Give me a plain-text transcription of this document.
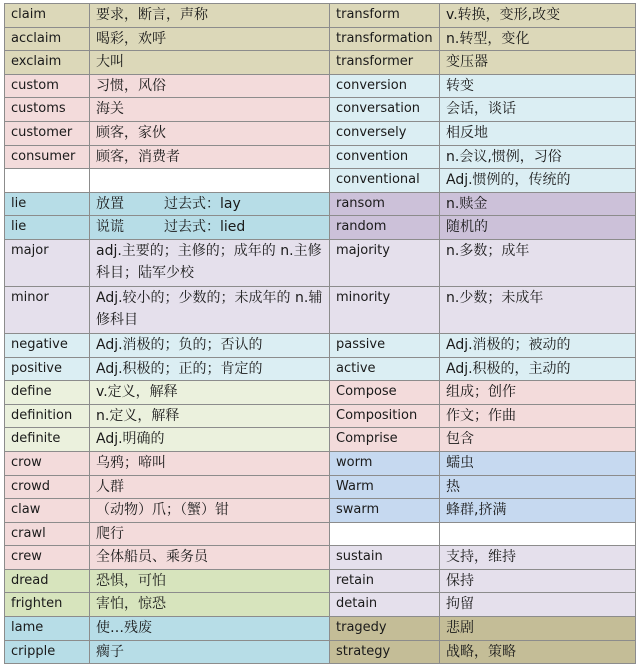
claim	要求，断言，声称	transform	v.转换，变形,改变
acclaim	喝彩，欢呼	transformation	n.转型，变化
exclaim	大叫	transformer	变压器
custom	习惯，风俗	conversion	转变
customs	海关	conversation	会话，谈话
customer	顾客，家伙	conversely	相反地
consumer	顾客，消费者	convention	n.会议,惯例，习俗
		conventional	Adj.惯例的，传统的
lie	放置 过去式：lay	ransom	n.赎金
lie	说谎 过去式：lied	random	随机的
major	adj.主要的；主修的；成年的 n.主修科目；陆军少校	majority	n.多数；成年
minor	Adj.较小的；少数的；未成年的 n.辅修科目	minority	n.少数；未成年
negative	Adj.消极的；负的；否认的	passive	Adj.消极的；被动的
positive	Adj.积极的；正的；肯定的	active	Adj.积极的，主动的
define	v.定义，解释	Compose	组成；创作
definition	n.定义，解释	Composition	作文；作曲
definite	Adj.明确的	Comprise	包含
crow	乌鸦；啼叫	worm	蠕虫
crowd	人群	Warm	热
claw	（动物）爪；（蟹）钳	swarm	蜂群,挤满
crawl	爬行		
crew	全体船员、乘务员	sustain	支持，维持
dread	恐惧，可怕	retain	保持
frighten	害怕，惊恐	detain	拘留
lame	使…残废	tragedy	悲剧
cripple	瘸子	strategy	战略，策略
